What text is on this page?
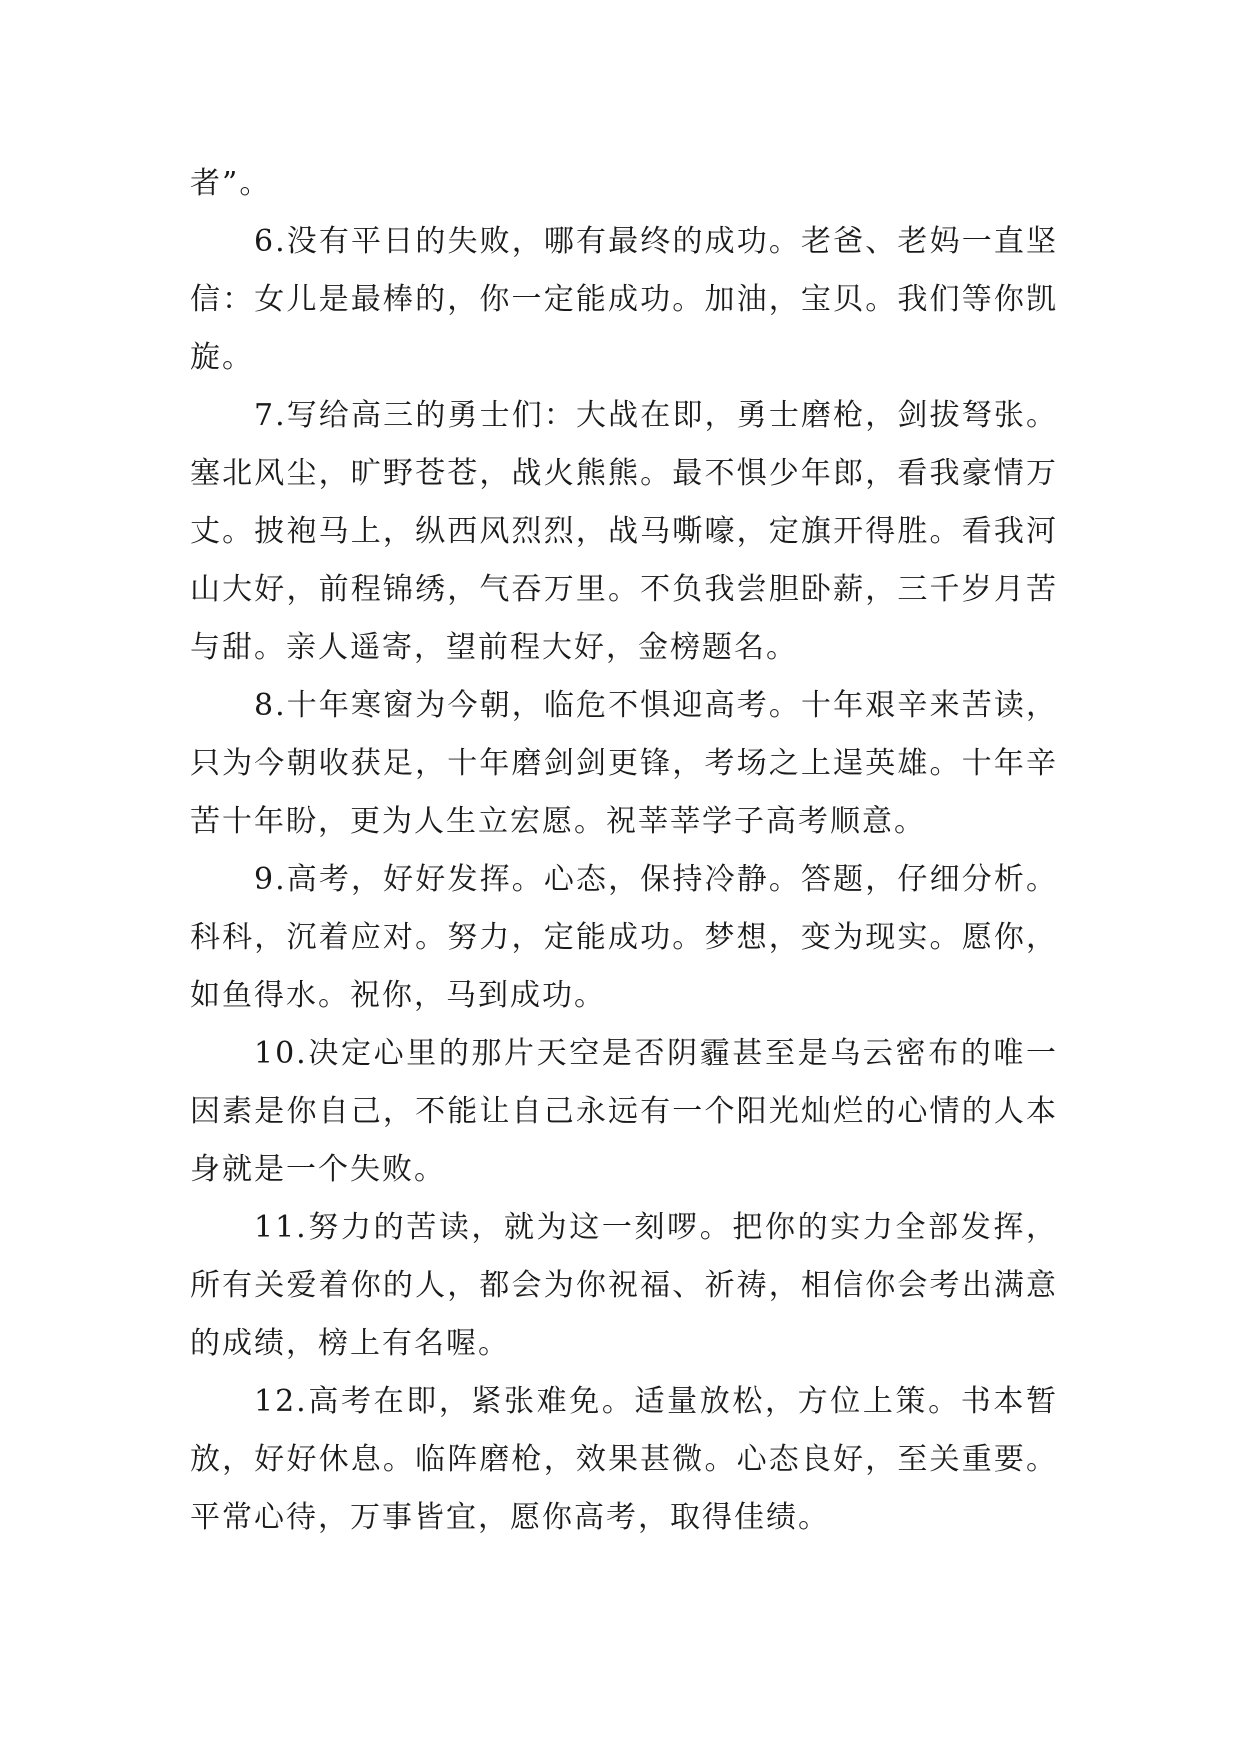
者”。

6.没有平日的失败，哪有最终的成功。老爸、老妈一直坚信：女儿是最棒的，你一定能成功。加油，宝贝。我们等你凯旋。

7.写给高三的勇士们：大战在即，勇士磨枪，剑拔弩张。塞北风尘，旷野苍苍，战火熊熊。最不惧少年郎，看我豪情万丈。披袍马上，纵西风烈烈，战马嘶嚎，定旗开得胜。看我河山大好，前程锦绣，气吞万里。不负我尝胆卧薪，三千岁月苦与甜。亲人遥寄，望前程大好，金榜题名。

8.十年寒窗为今朝，临危不惧迎高考。十年艰辛来苦读，只为今朝收获足，十年磨剑剑更锋，考场之上逞英雄。十年辛苦十年盼，更为人生立宏愿。祝莘莘学子高考顺意。

9.高考，好好发挥。心态，保持冷静。答题，仔细分析。科科，沉着应对。努力，定能成功。梦想，变为现实。愿你，如鱼得水。祝你，马到成功。

10.决定心里的那片天空是否阴霾甚至是乌云密布的唯一因素是你自己，不能让自己永远有一个阳光灿烂的心情的人本身就是一个失败。

11.努力的苦读，就为这一刻啰。把你的实力全部发挥，所有关爱着你的人，都会为你祝福、祈祷，相信你会考出满意的成绩，榜上有名喔。

12.高考在即，紧张难免。适量放松，方位上策。书本暂放，好好休息。临阵磨枪，效果甚微。心态良好，至关重要。平常心待，万事皆宜，愿你高考，取得佳绩。
